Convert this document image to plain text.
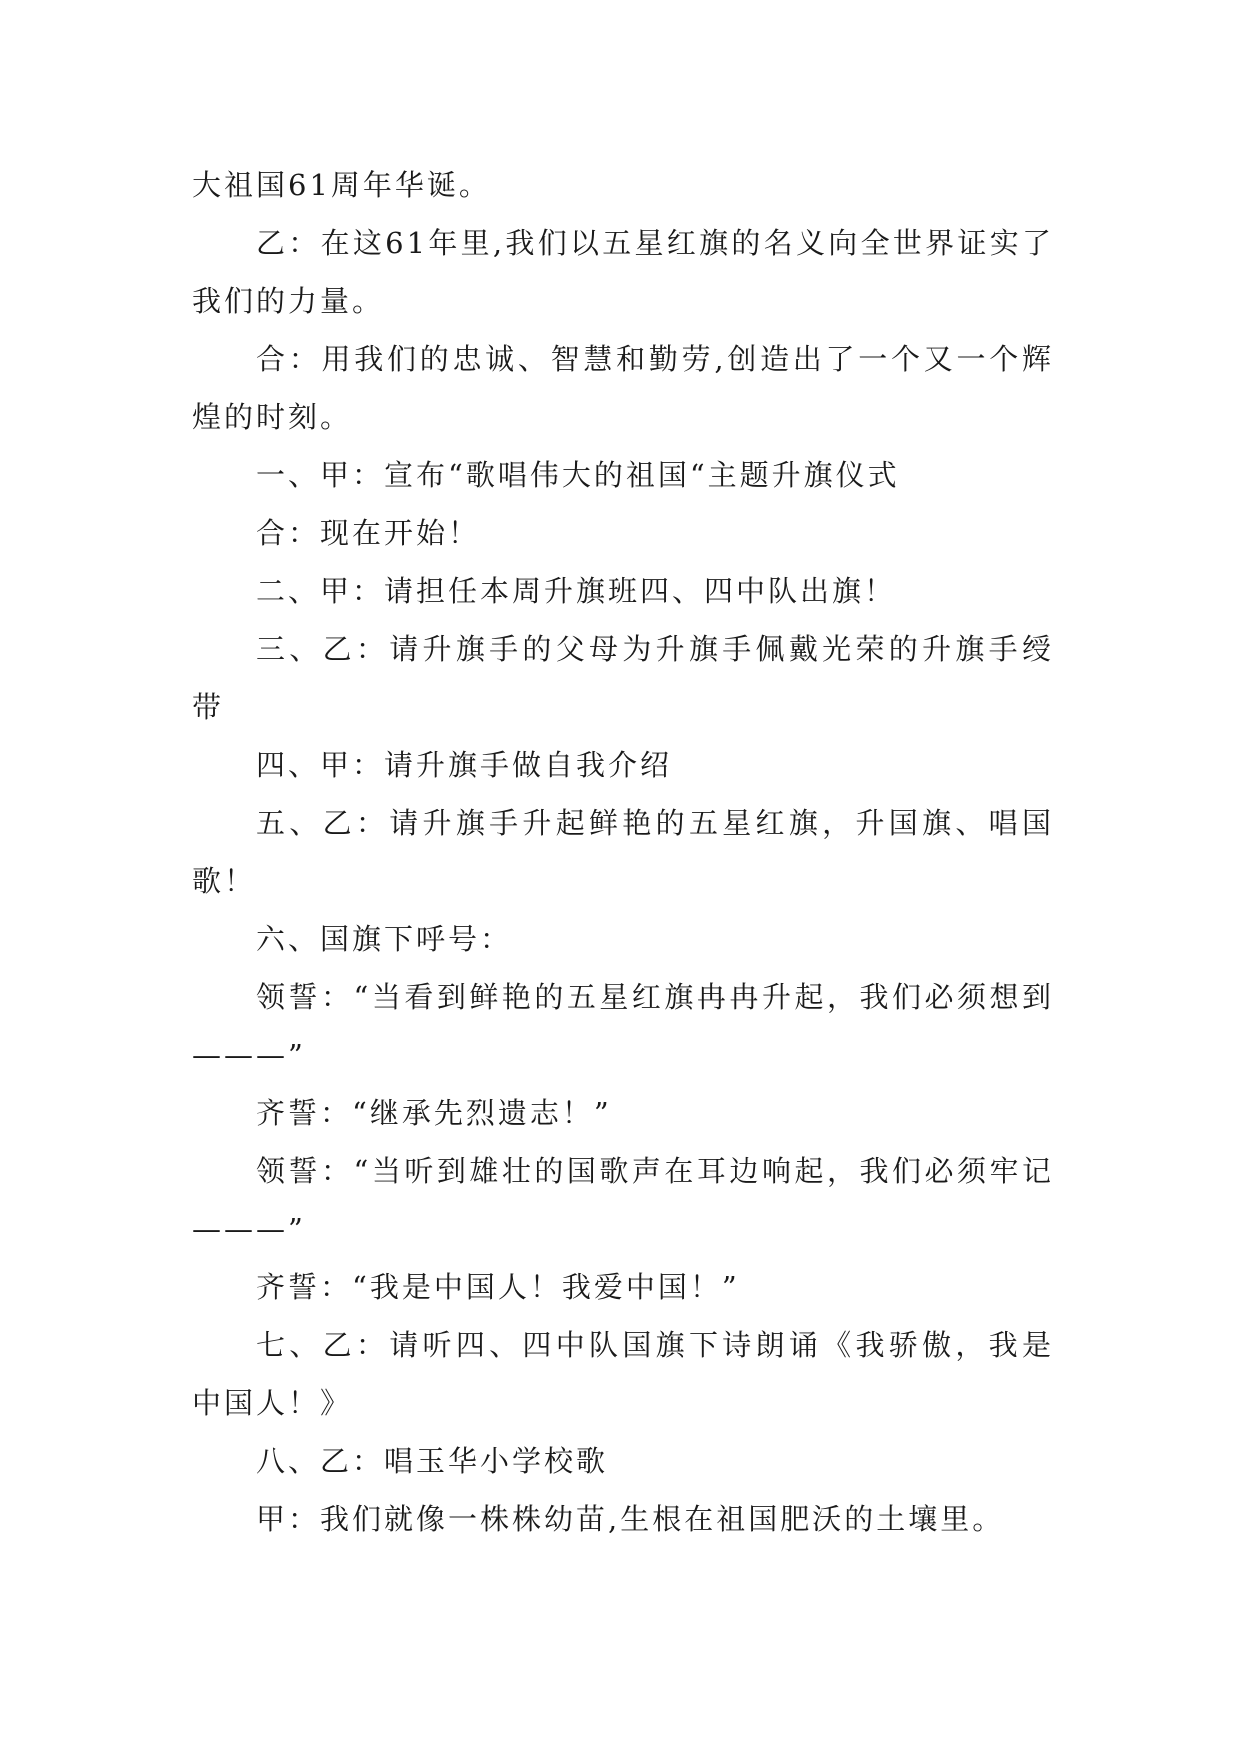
大祖国61周年华诞。

乙：在这61年里,我们以五星红旗的名义向全世界证实了我们的力量。

合：用我们的忠诚、智慧和勤劳,创造出了一个又一个辉煌的时刻。

一、甲：宣布“歌唱伟大的祖国“主题升旗仪式

合：现在开始！

二、甲：请担任本周升旗班四、四中队出旗！

三、乙：请升旗手的父母为升旗手佩戴光荣的升旗手绶带

四、甲：请升旗手做自我介绍

五、乙：请升旗手升起鲜艳的五星红旗，升国旗、唱国歌！

六、国旗下呼号：

领誓：“当看到鲜艳的五星红旗冉冉升起，我们必须想到———”

齐誓：“继承先烈遗志！”

领誓：“当听到雄壮的国歌声在耳边响起，我们必须牢记———”

齐誓：“我是中国人！我爱中国！”

七、乙：请听四、四中队国旗下诗朗诵《我骄傲，我是中国人！》

八、乙：唱玉华小学校歌

甲：我们就像一株株幼苗,生根在祖国肥沃的土壤里。
